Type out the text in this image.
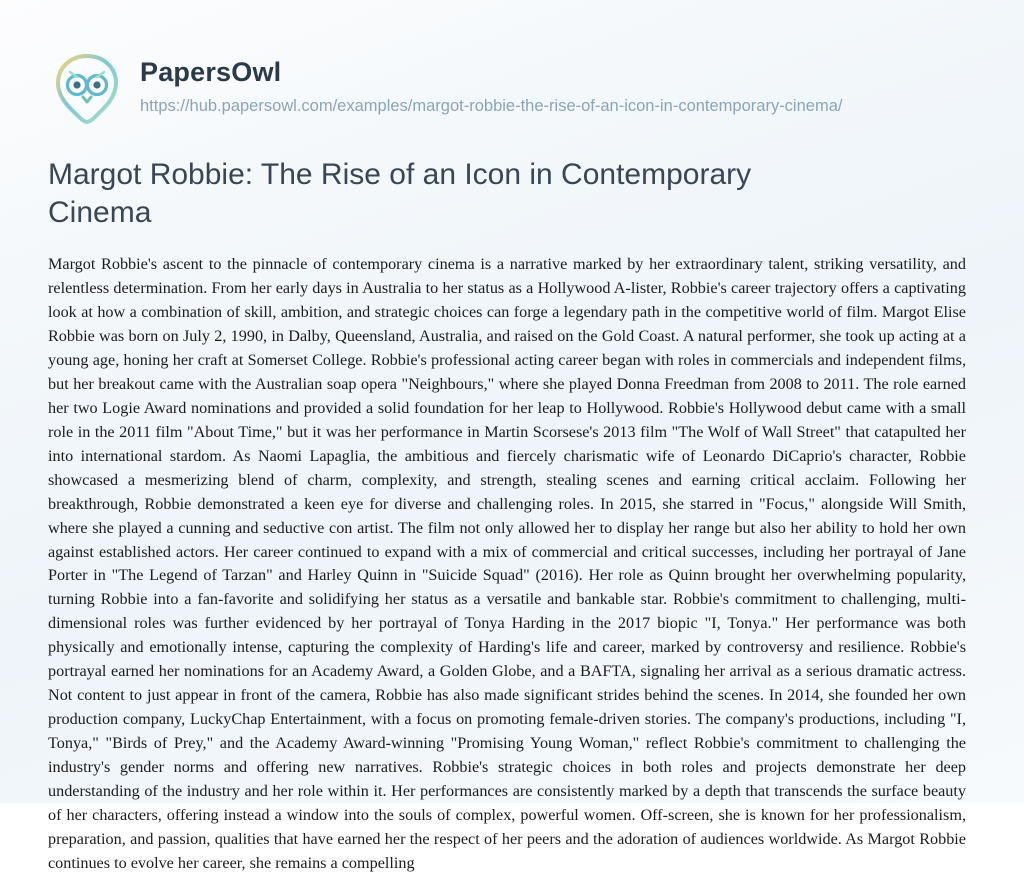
PapersOwl
https://hub.papersowl.com/examples/margot-robbie-the-rise-of-an-icon-in-contemporary-cinema/
Margot Robbie: The Rise of an Icon in Contemporary Cinema

Margot Robbie's ascent to the pinnacle of contemporary cinema is a narrative marked by her extraordinary talent, striking versatility, and relentless determination. From her early days in Australia to her status as a Hollywood A-lister, Robbie's career trajectory offers a captivating look at how a combination of skill, ambition, and strategic choices can forge a legendary path in the competitive world of film. Margot Elise Robbie was born on July 2, 1990, in Dalby, Queensland, Australia, and raised on the Gold Coast. A natural performer, she took up acting at a young age, honing her craft at Somerset College. Robbie's professional acting career began with roles in commercials and independent films, but her breakout came with the Australian soap opera "Neighbours," where she played Donna Freedman from 2008 to 2011. The role earned her two Logie Award nominations and provided a solid foundation for her leap to Hollywood. Robbie's Hollywood debut came with a small role in the 2011 film "About Time," but it was her performance in Martin Scorsese's 2013 film "The Wolf of Wall Street" that catapulted her into international stardom. As Naomi Lapaglia, the ambitious and fiercely charismatic wife of Leonardo DiCaprio's character, Robbie showcased a mesmerizing blend of charm, complexity, and strength, stealing scenes and earning critical acclaim. Following her breakthrough, Robbie demonstrated a keen eye for diverse and challenging roles. In 2015, she starred in "Focus," alongside Will Smith, where she played a cunning and seductive con artist. The film not only allowed her to display her range but also her ability to hold her own against established actors. Her career continued to expand with a mix of commercial and critical successes, including her portrayal of Jane Porter in "The Legend of Tarzan" and Harley Quinn in "Suicide Squad" (2016). Her role as Quinn brought her overwhelming popularity, turning Robbie into a fan-favorite and solidifying her status as a versatile and bankable star. Robbie's commitment to challenging, multi-dimensional roles was further evidenced by her portrayal of Tonya Harding in the 2017 biopic "I, Tonya." Her performance was both physically and emotionally intense, capturing the complexity of Harding's life and career, marked by controversy and resilience. Robbie's portrayal earned her nominations for an Academy Award, a Golden Globe, and a BAFTA, signaling her arrival as a serious dramatic actress. Not content to just appear in front of the camera, Robbie has also made significant strides behind the scenes. In 2014, she founded her own production company, LuckyChap Entertainment, with a focus on promoting female-driven stories. The company's productions, including "I, Tonya," "Birds of Prey," and the Academy Award-winning "Promising Young Woman," reflect Robbie's commitment to challenging the industry's gender norms and offering new narratives. Robbie's strategic choices in both roles and projects demonstrate her deep understanding of the industry and her role within it. Her performances are consistently marked by a depth that transcends the surface beauty of her characters, offering instead a window into the souls of complex, powerful women. Off-screen, she is known for her professionalism, preparation, and passion, qualities that have earned her the respect of her peers and the adoration of audiences worldwide. As Margot Robbie continues to evolve her career, she remains a compelling
